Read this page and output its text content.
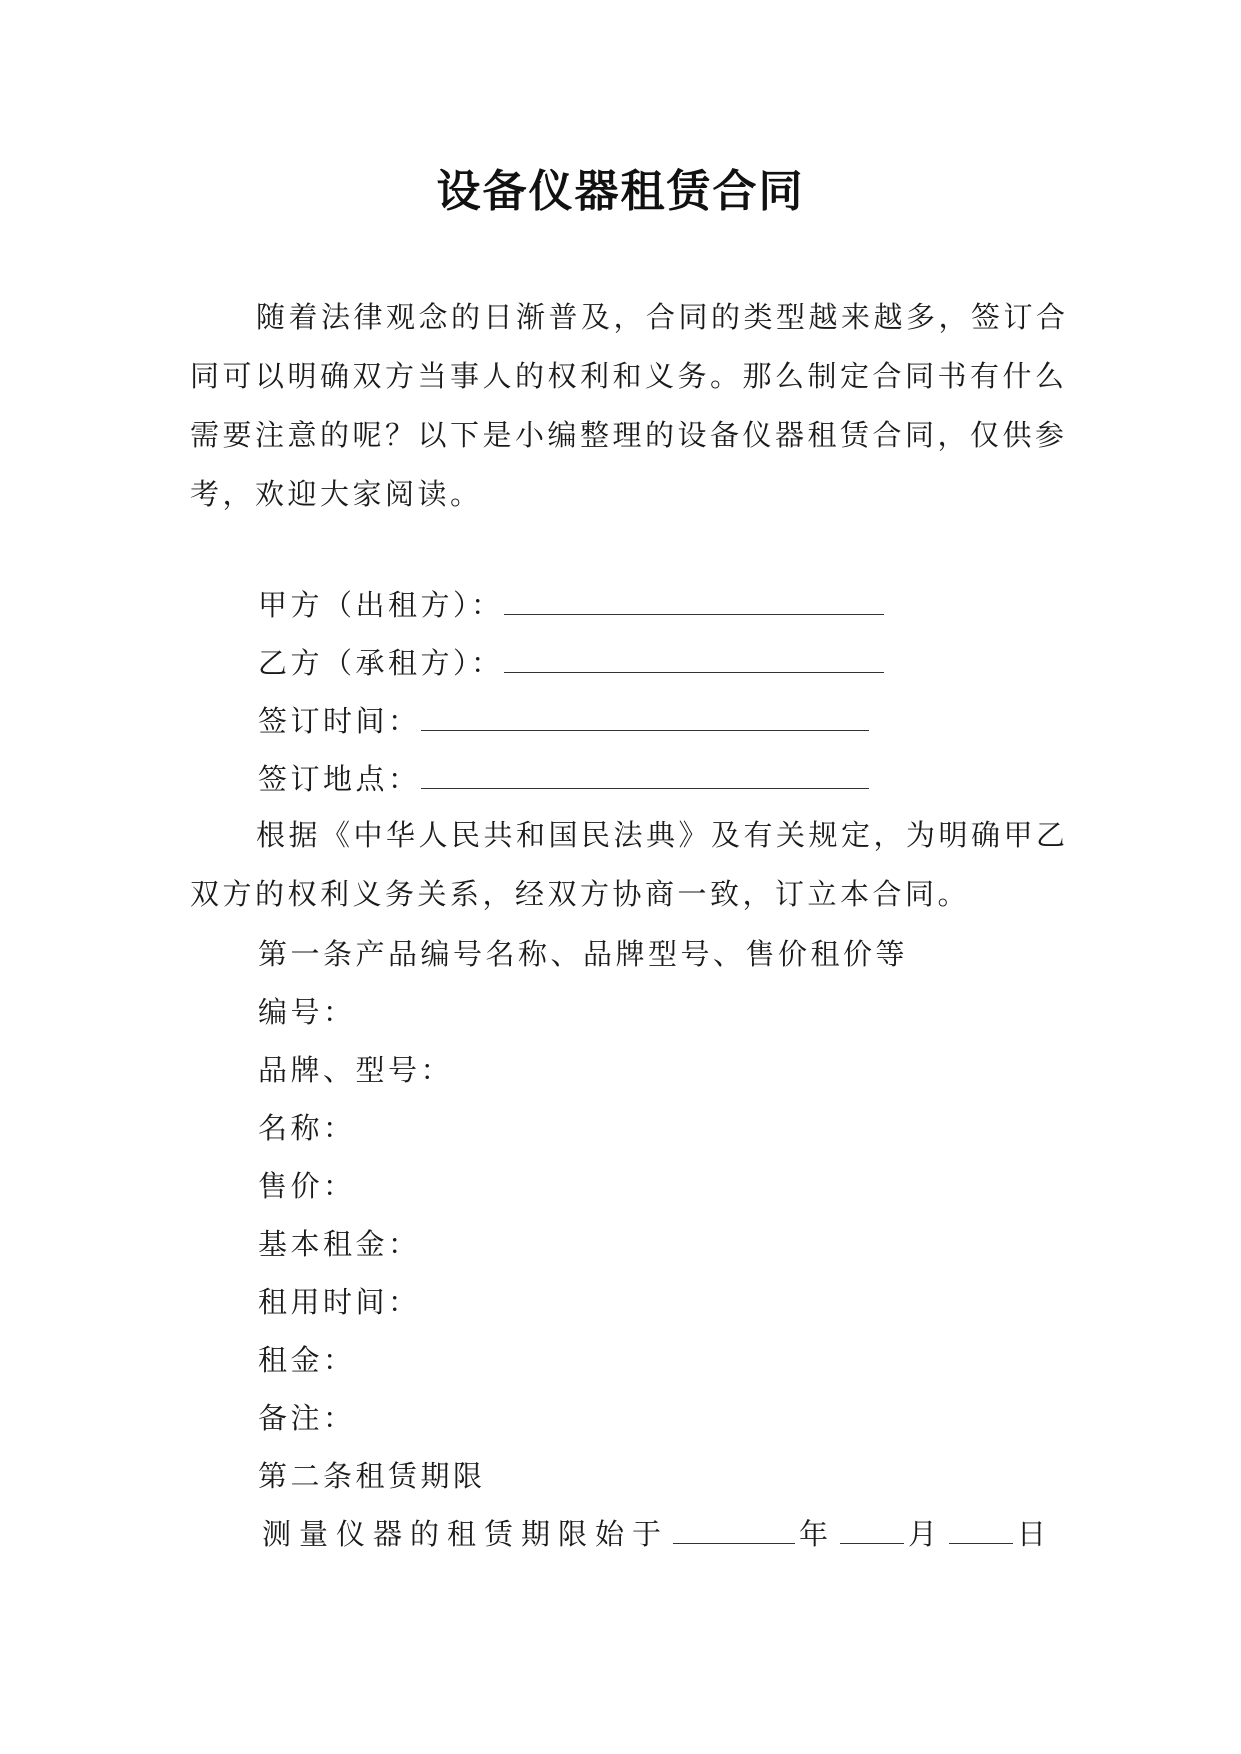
设备仪器租赁合同
随着法律观念的日渐普及，合同的类型越来越多，签订合同可以明确双方当事人的权利和义务。那么制定合同书有什么需要注意的呢？以下是小编整理的设备仪器租赁合同，仅供参考，欢迎大家阅读。
甲方（出租方）：
乙方（承租方）：
签订时间：
签订地点：
根据《中华人民共和国民法典》及有关规定，为明确甲乙双方的权利义务关系，经双方协商一致，订立本合同。
第一条产品编号名称、品牌型号、售价租价等
编号：
品牌、型号：
名称：
售价：
基本租金：
租用时间：
租金：
备注：
第二条租赁期限
测量仪器的租赁期限始于	年 月 日
